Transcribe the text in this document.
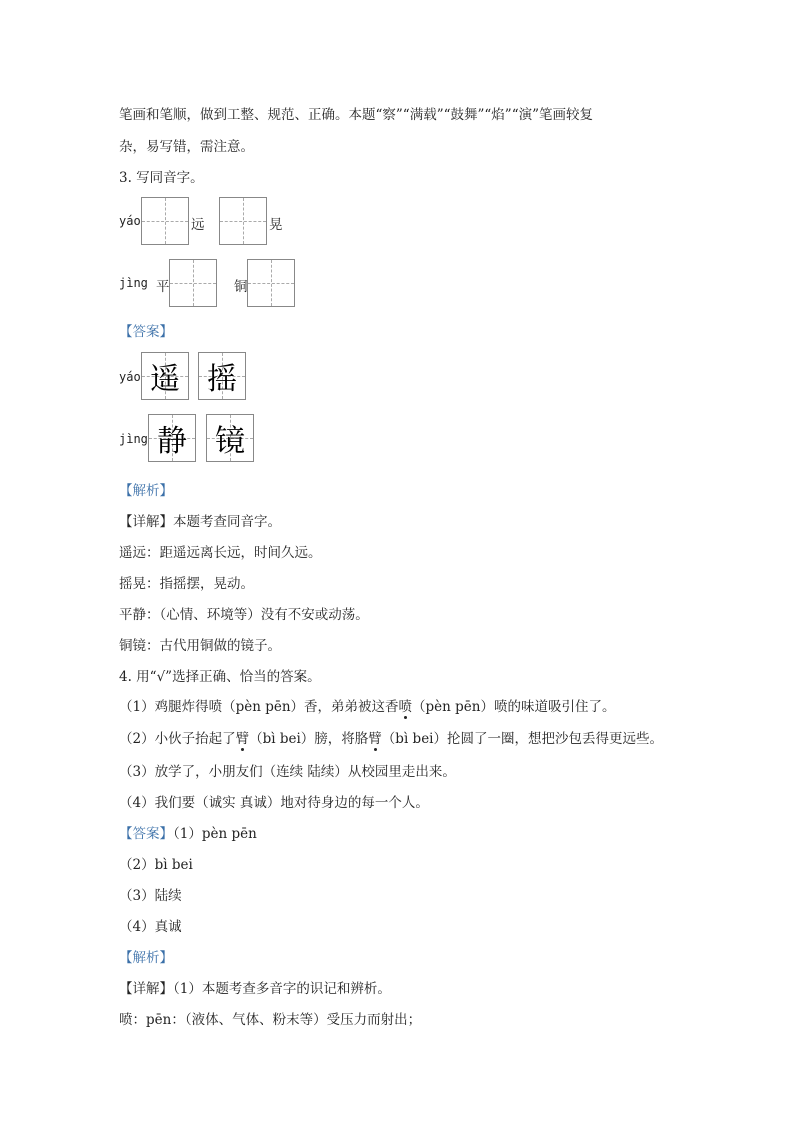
笔画和笔顺，做到工整、规范、正确。本题“察”“满载”“鼓舞”“焰”“演”笔画较复
杂，易写错，需注意。
3. 写同音字。
yáo	远	晃
jìng 平	铜
【答案】
yáo 遥 摇
jìng 静 镜
【解析】
【详解】本题考查同音字。
遥远：距遥远离长远，时间久远。
摇晃：指摇摆，晃动。
平静：（心情、环境等）没有不安或动荡。
铜镜：古代用铜做的镜子。
4. 用“√”选择正确、恰当的答案。
（1）鸡腿炸得喷（pèn pēn）香，弟弟被这香喷（pèn pēn）喷的味道吸引住了。
（2）小伙子抬起了臂（bì bei）膀，将胳臂（bì bei）抡圆了一圈，想把沙包丢得更远些。
（3）放学了，小朋友们（连续 陆续）从校园里走出来。
（4）我们要（诚实 真诚）地对待身边的每一个人。
【答案】（1）pèn pēn
（2）bì bei
（3）陆续
（4）真诚
【解析】
【详解】（1）本题考查多音字的识记和辨析。
喷：pēn：（液体、气体、粉末等）受压力而射出；
